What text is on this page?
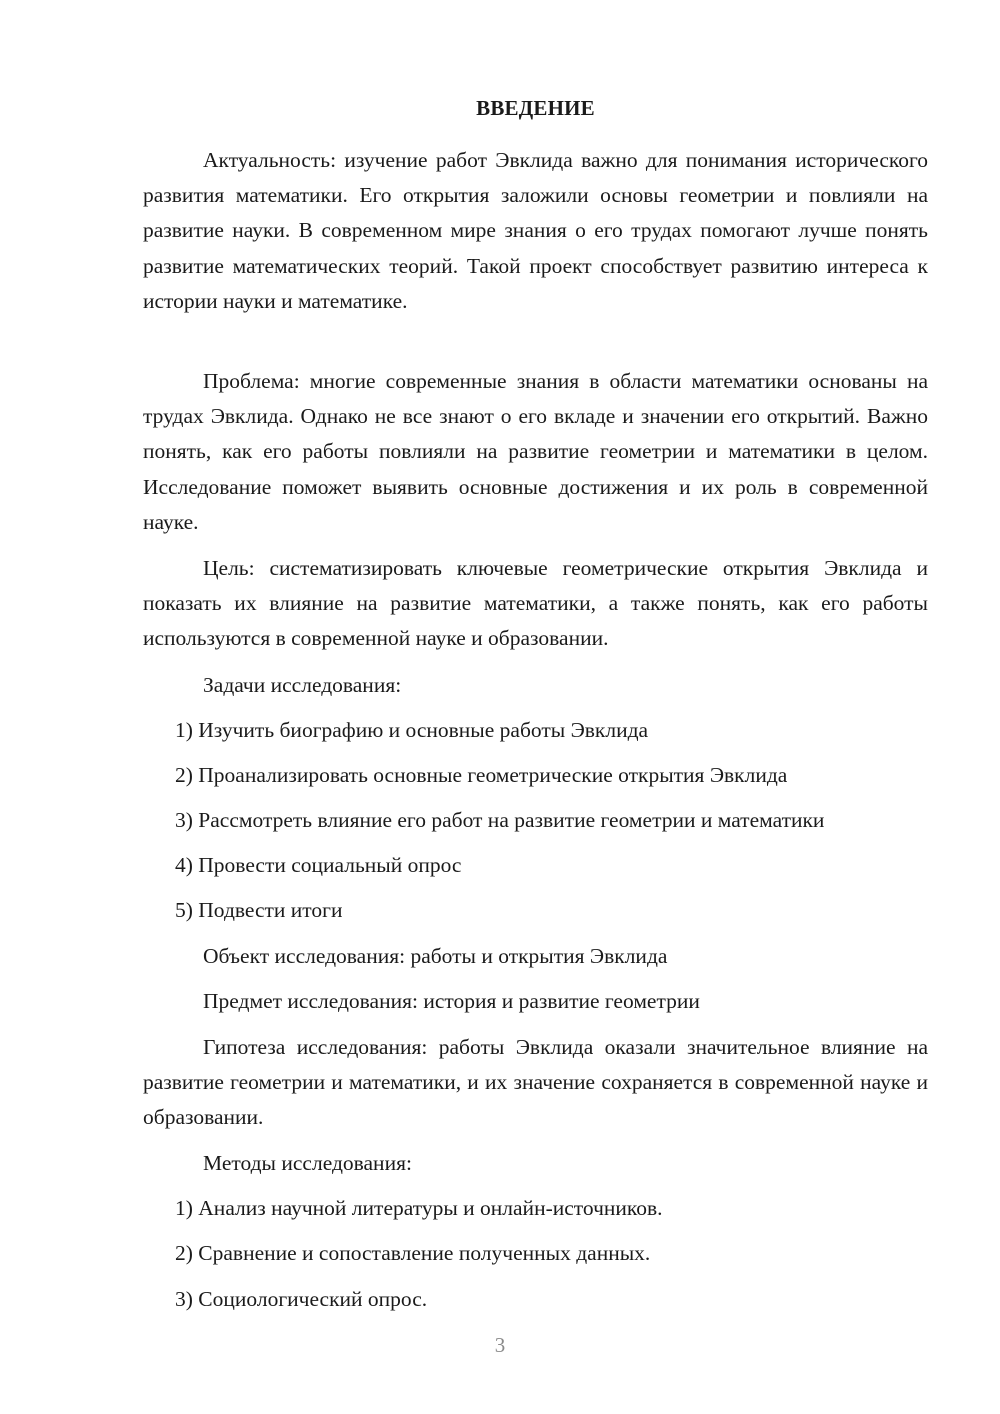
ВВЕДЕНИЕ

Актуальность: изучение работ Эвклида важно для понимания исторического развития математики. Его открытия заложили основы геометрии и повлияли на развитие науки. В современном мире знания о его трудах помогают лучше понять развитие математических теорий. Такой проект способствует развитию интереса к истории науки и математике.

Проблема: многие современные знания в области математики основаны на трудах Эвклида. Однако не все знают о его вкладе и значении его открытий. Важно понять, как его работы повлияли на развитие геометрии и математики в целом. Исследование поможет выявить основные достижения и их роль в современной науке.

Цель: систематизировать ключевые геометрические открытия Эвклида и показать их влияние на развитие математики, а также понять, как его работы используются в современной науке и образовании.

Задачи исследования:
1) Изучить биографию и основные работы Эвклида
2) Проанализировать основные геометрические открытия Эвклида
3) Рассмотреть влияние его работ на развитие геометрии и математики
4) Провести социальный опрос
5) Подвести итоги
Объект исследования: работы и открытия Эвклида
Предмет исследования: история и развитие геометрии

Гипотеза исследования: работы Эвклида оказали значительное влияние на развитие геометрии и математики, и их значение сохраняется в современной науке и образовании.

Методы исследования:
1) Анализ научной литературы и онлайн-источников.
2) Сравнение и сопоставление полученных данных.
3) Социологический опрос.
3
